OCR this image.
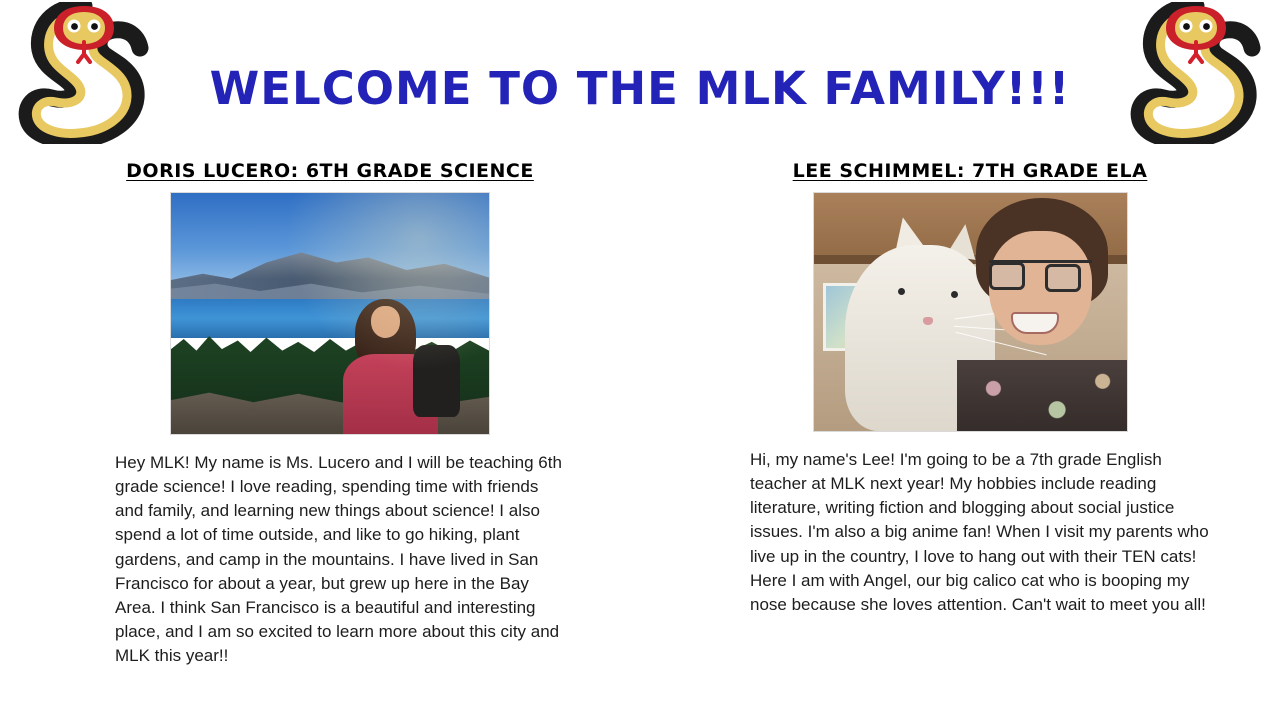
WELCOME TO THE MLK FAMILY!!!
DORIS LUCERO: 6TH GRADE SCIENCE
Hey MLK! My name is Ms. Lucero and I will be teaching 6th grade science! I love reading, spending time with friends and family, and learning new things about science! I also spend a lot of time outside, and like to go hiking, plant gardens, and camp in the mountains. I have lived in San Francisco for about a year, but grew up here in the Bay Area. I think San Francisco is a beautiful and interesting place, and I am so excited to learn more about this city and MLK this year!!
LEE SCHIMMEL: 7TH GRADE ELA
Hi, my name's Lee! I'm going to be a 7th grade English teacher at MLK next year! My hobbies include reading literature, writing fiction and blogging about social justice issues. I'm also a big anime fan! When I visit my parents who live up in the country, I love to hang out with their TEN cats! Here I am with Angel, our big calico cat who is booping my nose because she loves attention. Can't wait to meet you all!
